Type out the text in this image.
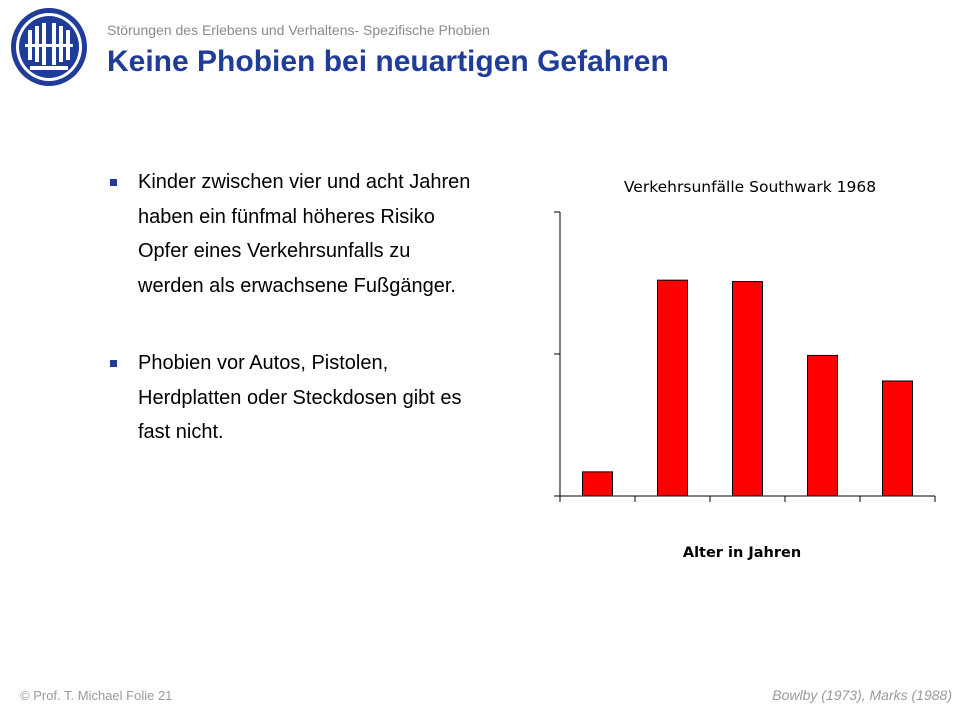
Störungen des Erlebens und Verhaltens- Spezifische Phobien
Keine Phobien bei neuartigen Gefahren
Kinder zwischen vier und acht Jahren haben ein fünfmal höheres Risiko Opfer eines Verkehrsunfalls zu werden als erwachsene Fußgänger.
Phobien vor Autos, Pistolen, Herdplatten oder Steckdosen gibt es fast nicht.
Verkehrsunfälle Southwark 1968
Alter in Jahren
© Prof. T. Michael Folie 21	Bowlby (1973), Marks (1988)
